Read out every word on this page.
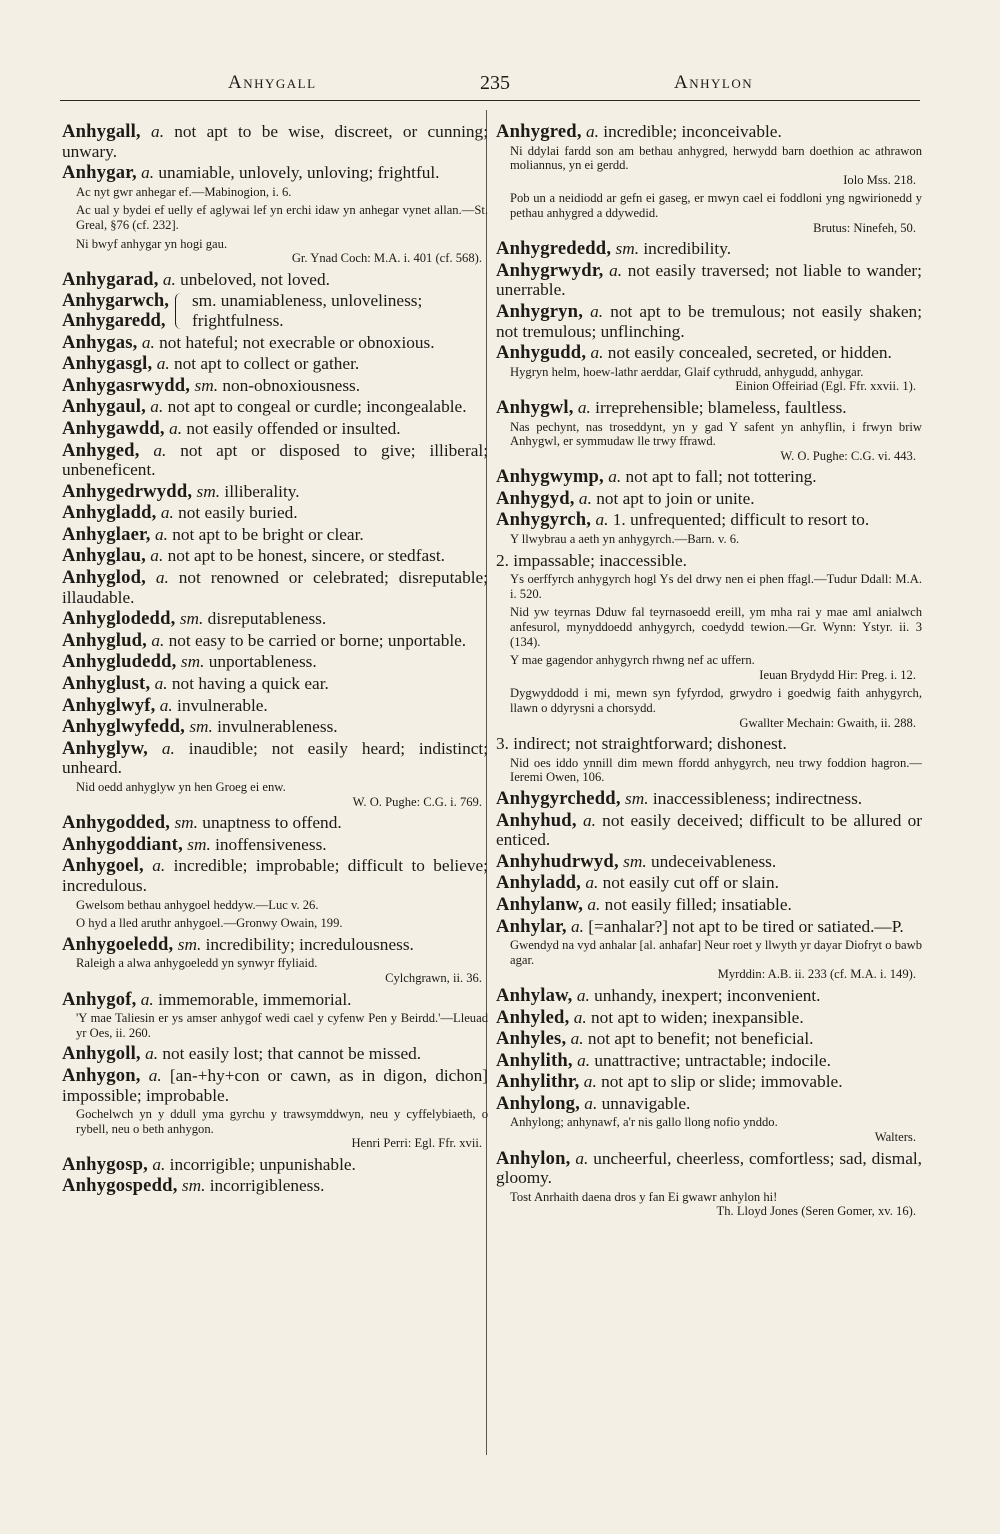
Anhygall	235	Anhylon
Anhygall, a. not apt to be wise, discreet, or cunning; unwary.
Anhygar, a. unamiable, unlovely, unloving; frightful.
Ac nyt gwr anhegar ef.—Mabinogion, i. 6.
Ac ual y bydei ef uelly ef aglywai lef yn erchi idaw yn anhegar vynet allan.—St. Greal, §76 (cf. 232].
Ni bwyf anhygar yn hogi gau.
Gr. Ynad Coch: M.A. i. 401 (cf. 568).
Anhygarad, a. unbeloved, not loved.
Anhygarwch,
Anhygaredd,
sm. unamiableness, unloveliness; frightfulness.
Anhygas, a. not hateful; not execrable or obnoxious.
Anhygasgl, a. not apt to collect or gather.
Anhygasrwydd, sm. non-obnoxiousness.
Anhygaul, a. not apt to congeal or curdle; incongealable.
Anhygawdd, a. not easily offended or insulted.
Anhyged, a. not apt or disposed to give; illiberal; unbeneficent.
Anhygedrwydd, sm. illiberality.
Anhygladd, a. not easily buried.
Anhyglaer, a. not apt to be bright or clear.
Anhyglau, a. not apt to be honest, sincere, or stedfast.
Anhyglod, a. not renowned or celebrated; disreputable; illaudable.
Anhyglodedd, sm. disreputableness.
Anhyglud, a. not easy to be carried or borne; unportable.
Anhygludedd, sm. unportableness.
Anhyglust, a. not having a quick ear.
Anhyglwyf, a. invulnerable.
Anhyglwyfedd, sm. invulnerableness.
Anhyglyw, a. inaudible; not easily heard; indistinct; unheard.
Nid oedd anhyglyw yn hen Groeg ei enw.
W. O. Pughe: C.G. i. 769.
Anhygodded, sm. unaptness to offend.
Anhygoddiant, sm. inoffensiveness.
Anhygoel, a. incredible; improbable; difficult to believe; incredulous.
Gwelsom bethau anhygoel heddyw.—Luc v. 26.
O hyd a lled aruthr anhygoel.—Gronwy Owain, 199.
Anhygoeledd, sm. incredibility; incredulousness.
Raleigh a alwa anhygoeledd yn synwyr ffyliaid.
Cylchgrawn, ii. 36.
Anhygof, a. immemorable, immemorial.
'Y mae Taliesin er ys amser anhygof wedi cael y cyfenw Pen y Beirdd.'—Lleuad yr Oes, ii. 260.
Anhygoll, a. not easily lost; that cannot be missed.
Anhygon, a. [an-+hy+con or cawn, as in digon, dichon] impossible; improbable.
Gochelwch yn y ddull yma gyrchu y trawsymddwyn, neu y cyffelybiaeth, o rybell, neu o beth anhygon.
Henri Perri: Egl. Ffr. xvii.
Anhygosp, a. incorrigible; unpunishable.
Anhygospedd, sm. incorrigibleness.
Anhygred, a. incredible; inconceivable.
Ni ddylai fardd son am bethau anhygred, herwydd barn doethion ac athrawon moliannus, yn ei gerdd.
Iolo Mss. 218.
Pob un a neidiodd ar gefn ei gaseg, er mwyn cael ei foddloni yng ngwirionedd y pethau anhygred a ddywedid.
Brutus: Ninefeh, 50.
Anhygrededd, sm. incredibility.
Anhygrwydr, a. not easily traversed; not liable to wander; unerrable.
Anhygryn, a. not apt to be tremulous; not easily shaken; not tremulous; unflinching.
Anhygudd, a. not easily concealed, secreted, or hidden.
Hygryn helm, hoew-lathr aerddar, Glaif cythrudd, anhygudd, anhygar.
Einion Offeiriad (Egl. Ffr. xxvii. 1).
Anhygwl, a. irreprehensible; blameless, faultless.
Nas pechynt, nas troseddynt, yn y gad Y safent yn anhyflin, i frwyn briw Anhygwl, er symmudaw lle trwy ffrawd.
W. O. Pughe: C.G. vi. 443.
Anhygwymp, a. not apt to fall; not tottering.
Anhygyd, a. not apt to join or unite.
Anhygyrch, a. 1. unfrequented; difficult to resort to.
Y llwybrau a aeth yn anhygyrch.—Barn. v. 6.
2. impassable; inaccessible.
Ys oerffyrch anhygyrch hogl Ys del drwy nen ei phen ffagl.—Tudur Ddall: M.A. i. 520.
Nid yw teyrnas Dduw fal teyrnasoedd ereill, ym mha rai y mae aml anialwch anfesurol, mynyddoedd anhygyrch, coedydd tewion.—Gr. Wynn: Ystyr. ii. 3 (134).
Y mae gagendor anhygyrch rhwng nef ac uffern.
Ieuan Brydydd Hir: Preg. i. 12.
Dygwyddodd i mi, mewn syn fyfyrdod, grwydro i goedwig faith anhygyrch, llawn o ddyrysni a chorsydd.
Gwallter Mechain: Gwaith, ii. 288.
3. indirect; not straightforward; dishonest.
Nid oes iddo ynnill dim mewn ffordd anhygyrch, neu trwy foddion hagron.—Ieremi Owen, 106.
Anhygyrchedd, sm. inaccessibleness; indirectness.
Anhyhud, a. not easily deceived; difficult to be allured or enticed.
Anhyhudrwyd, sm. undeceivableness.
Anhyladd, a. not easily cut off or slain.
Anhylanw, a. not easily filled; insatiable.
Anhylar, a. [=anhalar?] not apt to be tired or satiated.—P.
Gwendyd na vyd anhalar [al. anhafar] Neur roet y llwyth yr dayar Diofryt o bawb agar.
Myrddin: A.B. ii. 233 (cf. M.A. i. 149).
Anhylaw, a. unhandy, inexpert; inconvenient.
Anhyled, a. not apt to widen; inexpansible.
Anhyles, a. not apt to benefit; not beneficial.
Anhylith, a. unattractive; untractable; indocile.
Anhylithr, a. not apt to slip or slide; immovable.
Anhylong, a. unnavigable.
Anhylong; anhynawf, a'r nis gallo llong nofio ynddo.
Walters.
Anhylon, a. uncheerful, cheerless, comfortless; sad, dismal, gloomy.
Tost Anrhaith daena dros y fan Ei gwawr anhylon hi!
Th. Lloyd Jones (Seren Gomer, xv. 16).
